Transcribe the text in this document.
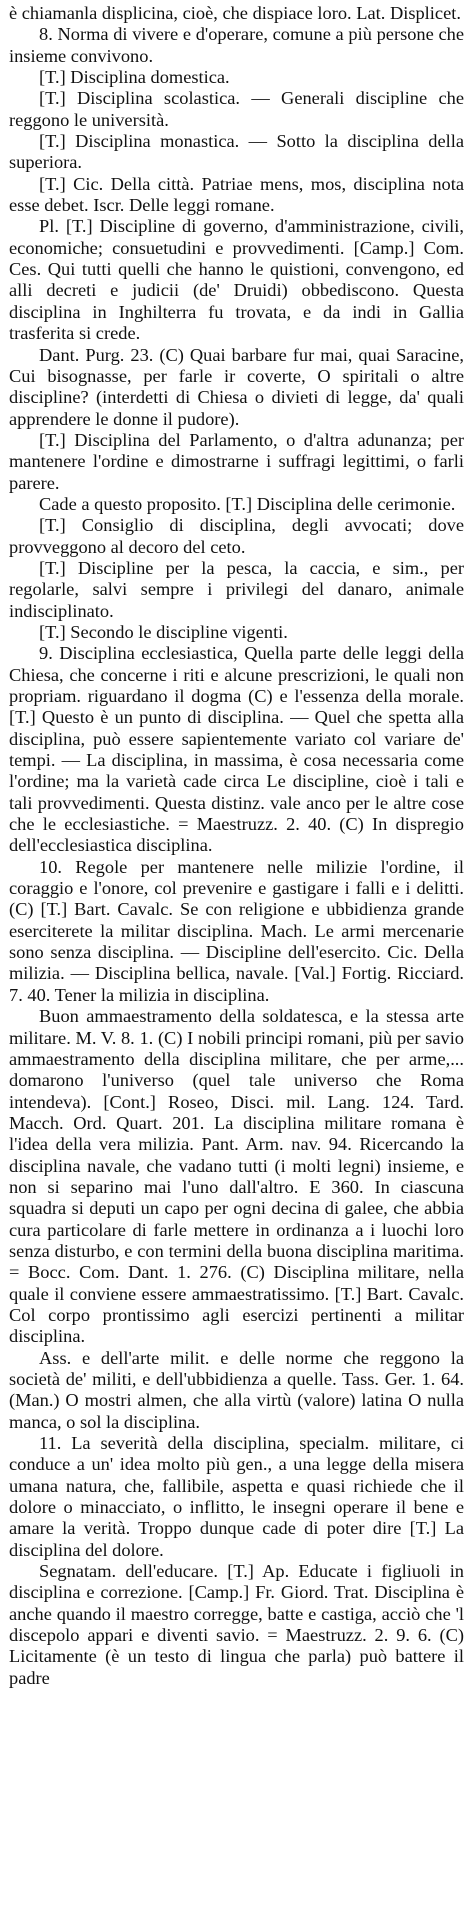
è chiamanla displicina, cioè, che dispiace loro. Lat. Displicet.

8. Norma di vivere e d'operare, comune a più persone che insieme convivono.

[T.] Disciplina domestica.

[T.] Disciplina scolastica. — Generali discipline che reggono le università.

[T.] Disciplina monastica. — Sotto la disciplina della superiora.

[T.] Cic. Della città. Patriae mens, mos, disciplina nota esse debet. Iscr. Delle leggi romane.

Pl. [T.] Discipline di governo, d'amministrazione, civili, economiche; consuetudini e provvedimenti. [Camp.] Com. Ces. Qui tutti quelli che hanno le quistioni, convengono, ed alli decreti e judicii (de' Druidi) obbediscono. Questa disciplina in Inghilterra fu trovata, e da indi in Gallia trasferita si crede.

Dant. Purg. 23. (C) Quai barbare fur mai, quai Saracine, Cui bisognasse, per farle ir coverte, O spiritali o altre discipline? (interdetti di Chiesa o divieti di legge, da' quali apprendere le donne il pudore).

[T.] Disciplina del Parlamento, o d'altra adunanza; per mantenere l'ordine e dimostrarne i suffragi legittimi, o farli parere.

Cade a questo proposito. [T.] Disciplina delle cerimonie.

[T.] Consiglio di disciplina, degli avvocati; dove provveggono al decoro del ceto.

[T.] Discipline per la pesca, la caccia, e sim., per regolarle, salvi sempre i privilegi del danaro, animale indisciplinato.

[T.] Secondo le discipline vigenti.

9. Disciplina ecclesiastica, Quella parte delle leggi della Chiesa, che concerne i riti e alcune prescrizioni, le quali non propriam. riguardano il dogma (C) e l'essenza della morale. [T.] Questo è un punto di disciplina. — Quel che spetta alla disciplina, può essere sapientemente variato col variare de' tempi. — La disciplina, in massima, è cosa necessaria come l'ordine; ma la varietà cade circa Le discipline, cioè i tali e tali provvedimenti. Questa distinz. vale anco per le altre cose che le ecclesiastiche. = Maestruzz. 2. 40. (C) In dispregio dell'ecclesiastica disciplina.

10. Regole per mantenere nelle milizie l'ordine, il coraggio e l'onore, col prevenire e gastigare i falli e i delitti. (C) [T.] Bart. Cavalc. Se con religione e ubbidienza grande eserciterete la militar disciplina. Mach. Le armi mercenarie sono senza disciplina. — Discipline dell'esercito. Cic. Della milizia. — Disciplina bellica, navale. [Val.] Fortig. Ricciard. 7. 40. Tener la milizia in disciplina.

Buon ammaestramento della soldatesca, e la stessa arte militare. M. V. 8. 1. (C) I nobili principi romani, più per savio ammaestramento della disciplina militare, che per arme,... domarono l'universo (quel tale universo che Roma intendeva). [Cont.] Roseo, Disci. mil. Lang. 124. Tard. Macch. Ord. Quart. 201. La disciplina militare romana è l'idea della vera milizia. Pant. Arm. nav. 94. Ricercando la disciplina navale, che vadano tutti (i molti legni) insieme, e non si separino mai l'uno dall'altro. E 360. In ciascuna squadra si deputi un capo per ogni decina di galee, che abbia cura particolare di farle mettere in ordinanza a i luochi loro senza disturbo, e con termini della buona disciplina maritima. = Bocc. Com. Dant. 1. 276. (C) Disciplina militare, nella quale il conviene essere ammaestratissimo. [T.] Bart. Cavalc. Col corpo prontissimo agli esercizi pertinenti a militar disciplina.

Ass. e dell'arte milit. e delle norme che reggono la società de' militi, e dell'ubbidienza a quelle. Tass. Ger. 1. 64. (Man.) O mostri almen, che alla virtù (valore) latina O nulla manca, o sol la disciplina.

11. La severità della disciplina, specialm. militare, ci conduce a un' idea molto più gen., a una legge della misera umana natura, che, fallibile, aspetta e quasi richiede che il dolore o minacciato, o inflitto, le insegni operare il bene e amare la verità. Troppo dunque cade di poter dire [T.] La disciplina del dolore.

Segnatam. dell'educare. [T.] Ap. Educate i figliuoli in disciplina e correzione. [Camp.] Fr. Giord. Trat. Disciplina è anche quando il maestro corregge, batte e castiga, acciò che 'l discepolo appari e diventi savio. = Maestruzz. 2. 9. 6. (C) Licitamente (è un testo di lingua che parla) può battere il padre
